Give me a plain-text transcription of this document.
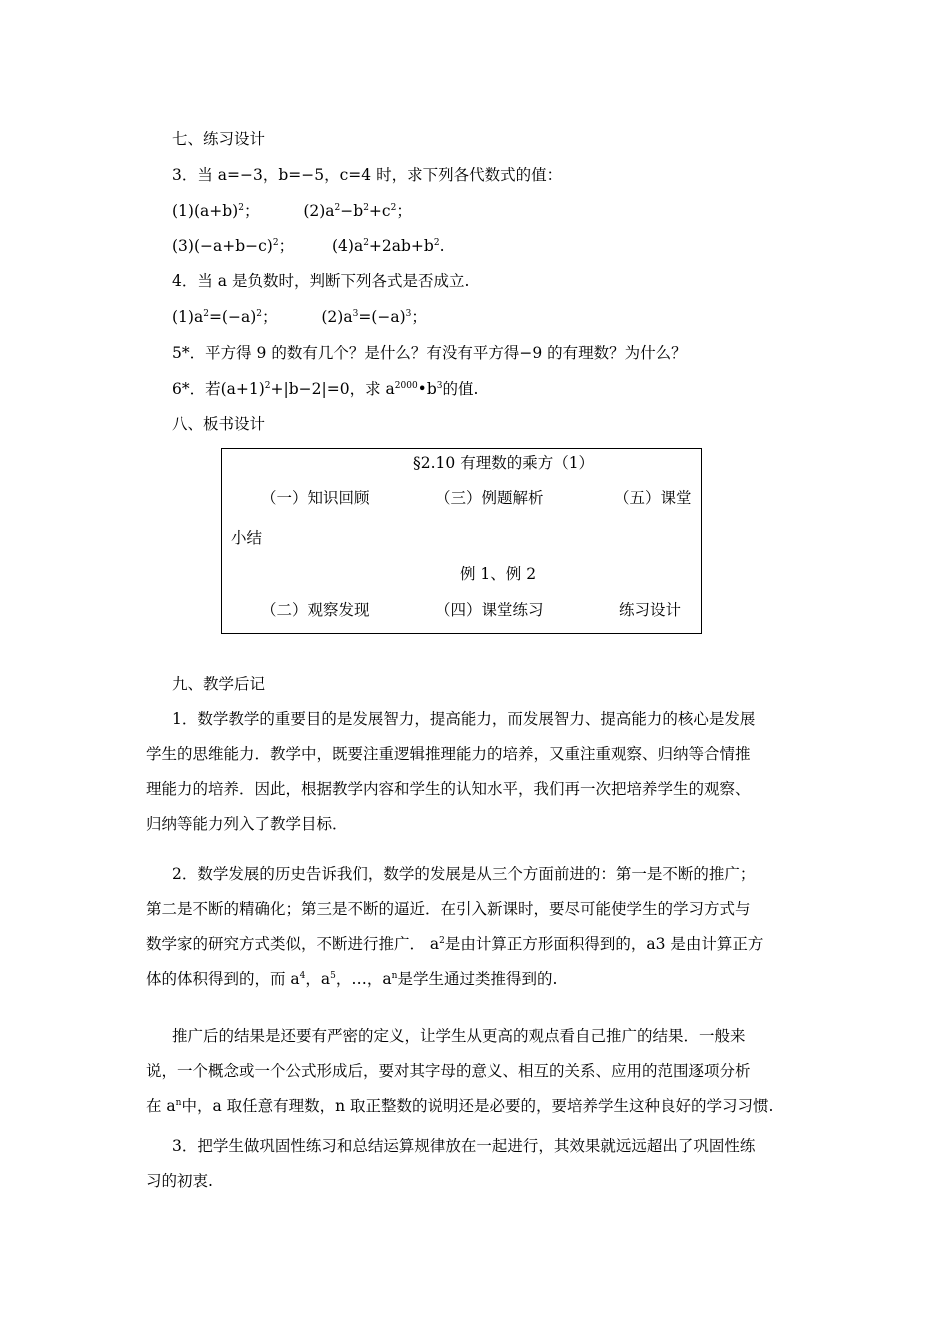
七、练习设计
3．当 a=−3，b=−5，c=4 时，求下列各代数式的值：
$(1)(a+b)^2$；	$(2)a^2-b^2+c^2$；
$(3)(-a+b-c)^2$； $(4)a^2+2ab+b^2$.
4．当 a 是负数时，判断下列各式是否成立.
$(1)a^2=(-a)^2$；	$(2)a^3=(-a)^3$；
5*．平方得 9 的数有几个？是什么？有没有平方得−9 的有理数？为什么？
6*．若$(a+1)^2+|b-2|=0$，求 $a^{2000}•b^3$的值.
八、板书设计
§2.10 有理数的乘方（1）
（一）知识回顾	（三）例题解析	（五）课堂
小结
例 1、例 2
（二）观察发现	（四）课堂练习	练习设计
九、教学后记
1．数学教学的重要目的是发展智力，提高能力，而发展智力、提高能力的核心是发展
学生的思维能力．教学中，既要注重逻辑推理能力的培养，又重注重观察、归纳等合情推
理能力的培养．因此，根据教学内容和学生的认知水平，我们再一次把培养学生的观察、
归纳等能力列入了教学目标．
2．数学发展的历史告诉我们，数学的发展是从三个方面前进的：第一是不断的推广；
第二是不断的精确化；第三是不断的逼近．在引入新课时，要尽可能使学生的学习方式与
数学家的研究方式类似，不断进行推广． $a^2$是由计算正方形面积得到的，a3 是由计算正方
体的体积得到的，而 $a^4$，$a^5$，…，$a^n$是学生通过类推得到的.
推广后的结果是还要有严密的定义，让学生从更高的观点看自己推广的结果．一般来
说，一个概念或一个公式形成后，要对其字母的意义、相互的关系、应用的范围逐项分析
在 $a^n$中，a 取任意有理数，n 取正整数的说明还是必要的，要培养学生这种良好的学习习惯.
3．把学生做巩固性练习和总结运算规律放在一起进行，其效果就远远超出了巩固性练
习的初衷.
